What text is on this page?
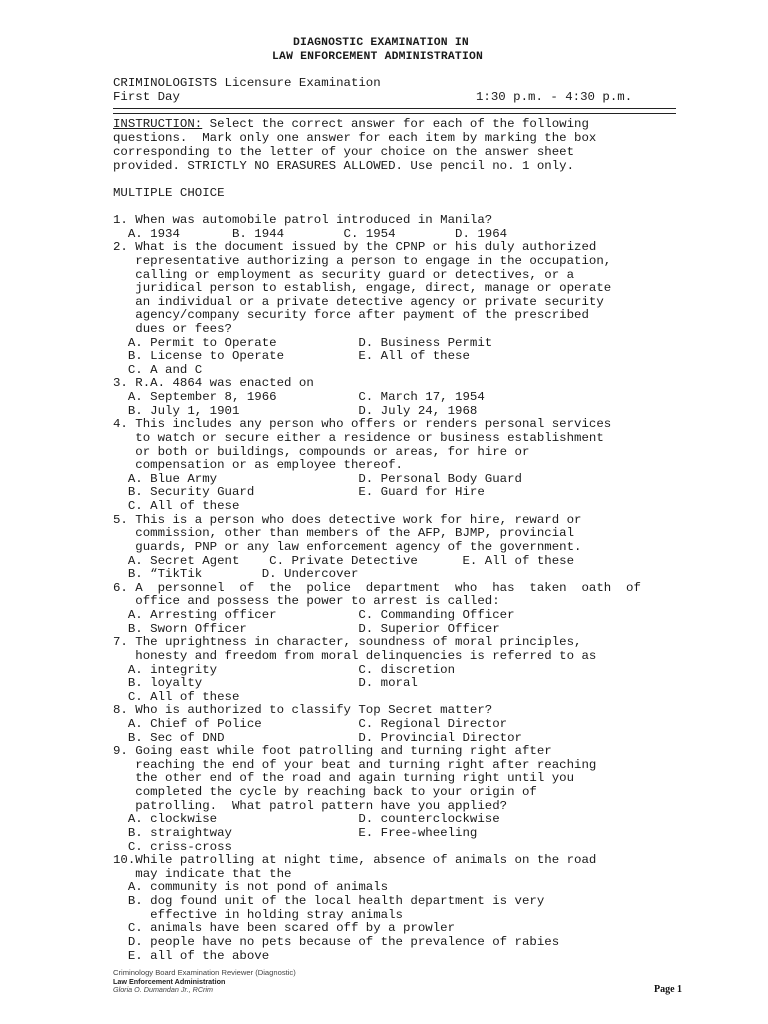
DIAGNOSTIC EXAMINATION IN
LAW ENFORCEMENT ADMINISTRATION
CRIMINOLOGISTS Licensure Examination
First Day	1:30 p.m. - 4:30 p.m.
INSTRUCTION: Select the correct answer for each of the following
questions.  Mark only one answer for each item by marking the box
corresponding to the letter of your choice on the answer sheet
provided. STRICTLY NO ERASURES ALLOWED. Use pencil no. 1 only.
MULTIPLE CHOICE
1. When was automobile patrol introduced in Manila?
A. 1934       B. 1944        C. 1954        D. 1964
2. What is the document issued by the CPNP or his duly authorized
representative authorizing a person to engage in the occupation,
calling or employment as security guard or detectives, or a
juridical person to establish, engage, direct, manage or operate
an individual or a private detective agency or private security
agency/company security force after payment of the prescribed
dues or fees?
A. Permit to Operate           D. Business Permit
B. License to Operate          E. All of these
C. A and C
3. R.A. 4864 was enacted on
A. September 8, 1966           C. March 17, 1954
B. July 1, 1901                D. July 24, 1968
4. This includes any person who offers or renders personal services
to watch or secure either a residence or business establishment
or both or buildings, compounds or areas, for hire or
compensation or as employee thereof.
A. Blue Army                   D. Personal Body Guard
B. Security Guard              E. Guard for Hire
C. All of these
5. This is a person who does detective work for hire, reward or
commission, other than members of the AFP, BJMP, provincial
guards, PNP or any law enforcement agency of the government.
A. Secret Agent    C. Private Detective      E. All of these
B. “TikTik        D. Undercover
6. A  personnel  of  the  police  department  who  has  taken  oath  of
office and possess the power to arrest is called:
A. Arresting officer           C. Commanding Officer
B. Sworn Officer               D. Superior Officer
7. The uprightness in character, soundness of moral principles,
honesty and freedom from moral delinquencies is referred to as
A. integrity                   C. discretion
B. loyalty                     D. moral
C. All of these
8. Who is authorized to classify Top Secret matter?
A. Chief of Police             C. Regional Director
B. Sec of DND                  D. Provincial Director
9. Going east while foot patrolling and turning right after
reaching the end of your beat and turning right after reaching
the other end of the road and again turning right until you
completed the cycle by reaching back to your origin of
patrolling.  What patrol pattern have you applied?
A. clockwise                   D. counterclockwise
B. straightway                 E. Free-wheeling
C. criss-cross
10.While patrolling at night time, absence of animals on the road
may indicate that the
A. community is not pond of animals
B. dog found unit of the local health department is very
effective in holding stray animals
C. animals have been scared off by a prowler
D. people have no pets because of the prevalence of rabies
E. all of the above
Criminology Board Examination Reviewer (Diagnostic)
Law Enforcement Administration
Gloria O. Dumandan Jr., RCrim	Page 1
